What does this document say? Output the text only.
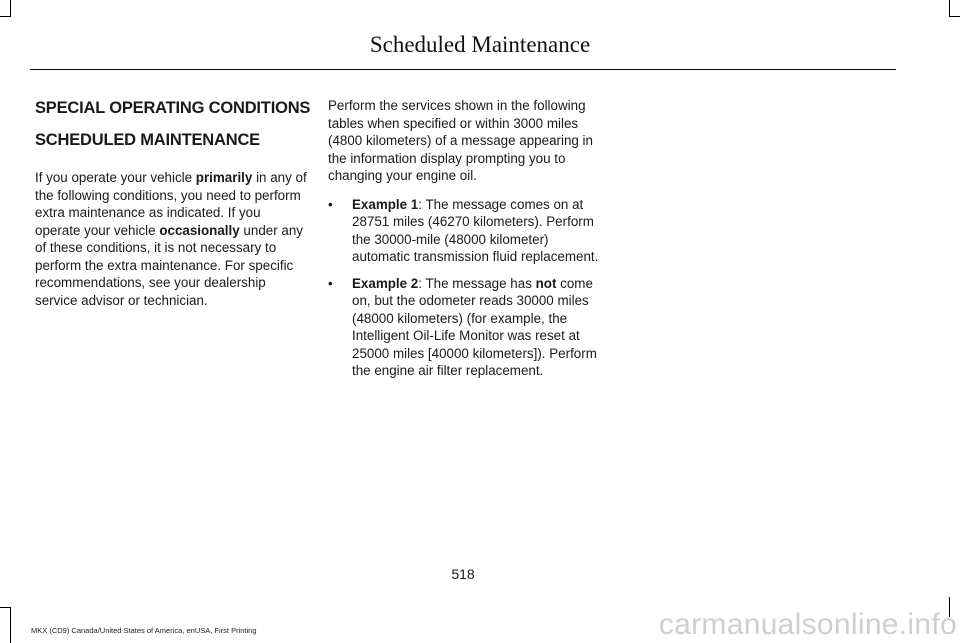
Scheduled Maintenance
SPECIAL OPERATING CONDITIONS
SCHEDULED MAINTENANCE

If you operate your vehicle primarily in any of the following conditions, you need to perform extra maintenance as indicated. If you operate your vehicle occasionally under any of these conditions, it is not necessary to perform the extra maintenance. For specific recommendations, see your dealership service advisor or technician.

Perform the services shown in the following tables when specified or within 3000 miles (4800 kilometers) of a message appearing in the information display prompting you to changing your engine oil.

• Example 1: The message comes on at 28751 miles (46270 kilometers). Perform the 30000-mile (48000 kilometer) automatic transmission fluid replacement.
• Example 2: The message has not come on, but the odometer reads 30000 miles (48000 kilometers) (for example, the Intelligent Oil-Life Monitor was reset at 25000 miles [40000 kilometers]). Perform the engine air filter replacement.
518
MKX (CD9) Canada/United States of America, enUSA, First Printing	carmanualsonline.info
